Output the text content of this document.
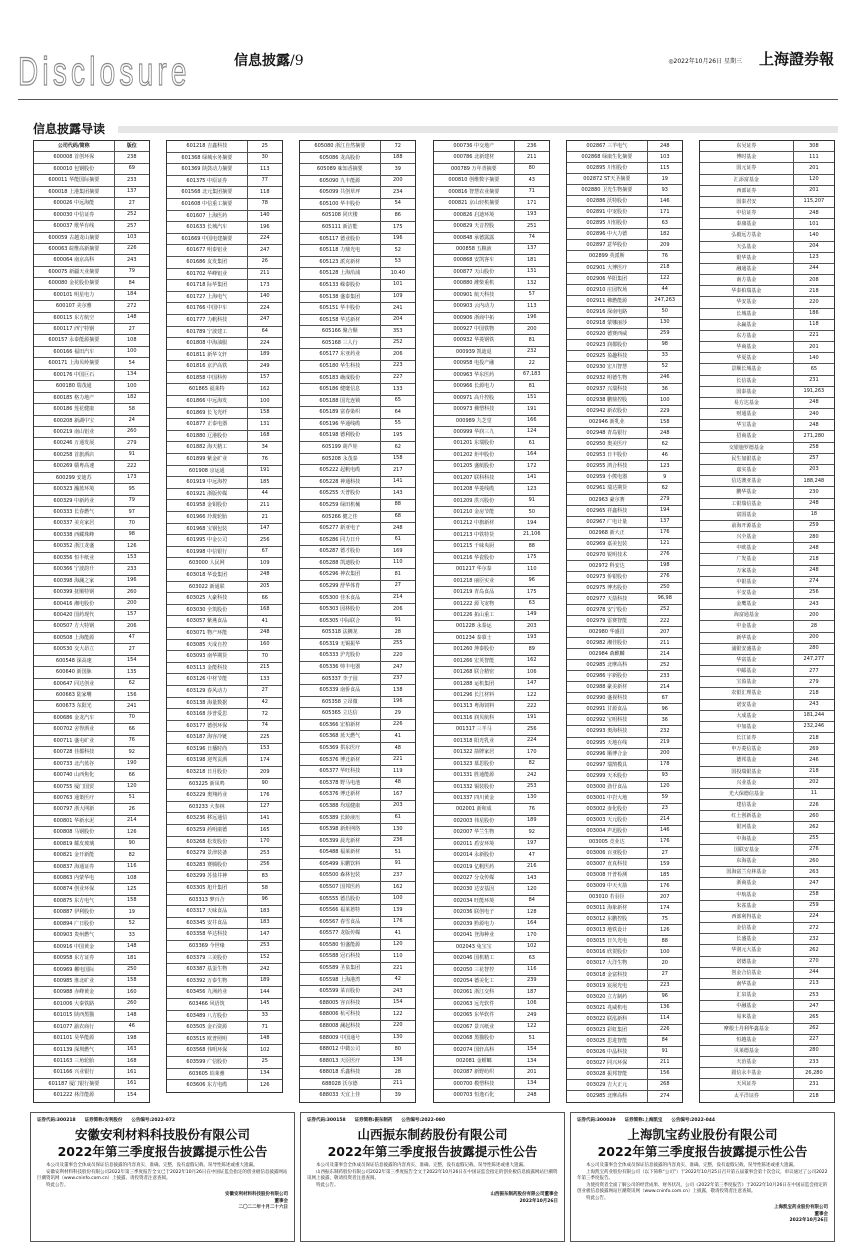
Disclosure	信息披露/9	◎2022年10月26日 星期三 上海證券報
信息披露导读
公司代码/简称	版位
600008 首创环保	238
600010 包钢股份	69
600011 华能国际摘要	233
600018 上港集团摘要	137
600026 中远海能	27
600030 中信证券	252
600037 歌华有线	257
600059 古越龙山摘要	103
600063 皖维高新摘要	226
600064 南京高科	243
600075 新疆天业摘要	79
600080 金花股份摘要	84
600101 明星电力	184
600107 美尔雅	272
600115 东方航空	148
600117 西宁特钢	27
600157 永泰能源摘要	108
600166 福田汽车	100
600171 上海贝岭摘要	54
600176 中国巨石	134
600180 瑞茂通	100
600185 格力地产	182
600186 莲花健康	58
600208 新湖中宝	24
600219 南山铝业	260
600246 万通发展	279
600258 首旅酒店	91
600269 赣粤高速	222
600299 安迪苏	173
600323 瀚蓝环境	95
600329 中新药业	79
600333 长春燃气	97
600337 美克家居	70
600338 西藏珠峰	98
600352 浙江龙盛	126
600356 恒丰纸业	153
600366 宁波韵升	233
600398 海澜之家	196
600399 抚顺特钢	260
600416 湘电股份	200
600420 国药现代	157
600507 方大特钢	206
600508 上海能源	47
600530 交大昂立	27
600548 深高速	154
600640 新国脉	135
600647 同达创业	62
600663 陆家嘴	156
600673 东阳光	241
600686 金龙汽车	70
600702 舍得酒业	66
600711 盛屯矿业	76
600728 佳都科技	92
600733 北汽蓝谷	190
600740 山西焦化	66
600755 厦门国贸	120
600763 通策医疗	51
600797 浙大网新	26
600801 华新水泥	214
600808 马钢股份	126
600819 耀皮玻璃	90
600821 金开新能	82
600837 海通证券	116
600863 内蒙华电	108
600874 创业环保	125
600875 东方电气	158
600887 伊利股份	19
600894 广日股份	52
600903 贵州燃气	33
600916 中国黄金	148
600958 东方证券	181
600969 郴电国际	250
600985 淮北矿业	158
600988 赤峰黄金	160
601006 大秦铁路	260
601015 陕西黑猫	148
601077 渝农商行	46
601101 昊华能源	198
601139 深圳燃气	163
601163 三角轮胎	168
601166 兴业银行	161
601187 厦门银行摘要	161
601222 林洋能源	154
601218 吉鑫科技	25
601368 绿城水务摘要	30
601369 陕鼓动力摘要	113
601375 中原证券	77
601568 北元集团摘要	118
601608 中信重工摘要	78
601607 上海医药	140
601633 长城汽车	196
601669 中国电建摘要	224
601677 明泰铝业	247
601686 友发集团	26
601702 华峰铝业	211
601718 际华集团	173
601727 上海电气	140
601766 中国中车	224
601777 力帆科技	247
601789 宁波建工	64
601808 中海油服	224
601811 新华文轩	189
601816 京沪高铁	249
601858 中国科传	157
601865 福莱特	162
601866 中远海发	100
601869 长飞光纤	158
601877 正泰电器	131
601880 辽港股份	168
601882 海天精工	34
601899 紫金矿业	76
601908 京运通	191
601919 中远海控	185
601921 浙版传媒	44
601958 金钼股份	211
601966 玲珑轮胎	21
601968 宝钢包装	147
601995 中金公司	256
601998 中信银行	67
603000 人民网	109
603018 华设集团	248
603022 新通联	205
603025 大豪科技	66
603030 全筑股份	168
603057 紫燕食品	41
603071 物产环能	248
603085 天成自控	160
603093 南华期货	70
603113 金能科技	215
603126 中材节能	133
603129 春风动力	27
603138 海量数据	42
603168 莎普爱思	72
603177 德创环保	74
603187 海容冷链	225
603196 日播时尚	153
603198 迎驾贡酒	174
603218 日月股份	209
603225 新凤鸣	90
603229 奥翔药业	176
603233 大参林	127
603236 移远通信	141
603259 药明康德	165
603268 松发股份	170
603279 景津装备	253
603283 赛腾股份	256
603299 苏盐井神	83
603305 旭升集团	58
603313 梦百合	96
603317 天味食品	183
603345 安井食品	183
603358 华达科技	147
603369 今世缘	253
603379 三美股份	152
603387 基蛋生物	242
603392 万泰生物	189
603456 九洲药业	144
603466 风语筑	145
603489 八方股份	33
603505 金石资源	71
603515 欧普照明	148
603568 伟明环保	102
603599 广信股份	25
603605 珀莱雅	134
603606 东方电缆	126
605080 浙江自然摘要	72
605086 龙高股份	188
605089 味知香摘要	39
605090 九丰能源	200
605099 共创草坪	234
605100 华丰股份	54
605108 同庆楼	86
605111 新洁能	175
605117 德业股份	196
605118 力鼎光电	52
605123 派克新材	53
605128 上海沿浦	10.40
605133 嵘泰股份	101
605138 盛泰集团	109
605151 华丰股份	241
605158 华达新材	204
605166 聚合顺	353
605168 三人行	252
605177 东亚药业	206
605180 华生科技	223
605183 确成股份	227
605186 健麾信息	133
605188 国光连锁	65
605189 富春染织	64
605196 华通线缆	55
605198 德利股份	195
605199 葫芦娃	62
605208 永茂泰	158
605222 起帆电缆	217
605228 神通科技	141
605255 天普股份	143
605259 绿田机械	88
605266 健之佳	68
605277 新亚电子	248
605286 同力日升	61
605287 德才股份	169
605288 凯迪股份	110
605296 神农集团	81
605299 舒华体育	27
605300 佳禾食品	214
605303 园林股份	206
605305 中际联合	91
605318 法狮龙	28
605319 无锡振华	255
605333 沪光股份	220
605336 帅丰电器	247
605337 李子园	237
605339 南侨食品	138
605358 立昂微	196
605365 立达信	29
605366 宏柏新材	226
605368 蓝天燃气	41
605369 拱东医疗	48
605376 博迁新材	221
605377 华旺科技	119
605378 野马电池	48
605376 博迁新材	167
605388 均瑶健康	203
605389 长龄液压	61
605398 新炬网络	130
605399 晨光新材	236
605488 福莱新材	51
605499 东鹏饮料	91
605500 森林包装	237
605507 国邦医药	162
605555 德昌股份	100
605566 福莱蒽特	139
605567 春雪食品	176
605577 龙版传媒	41
605580 恒盛能源	120
605588 冠石科技	110
605589 圣泉集团	221
605598 上海港湾	42
605599 菜百股份	243
688005 容百科技	154
688006 杭可科技	122
688008 澜起科技	220
688009 中国通号	130
688012 中微公司	80
688013 天臣医疗	136
688018 乐鑫科技	28
688028 沃尔德	211
688033 天宜上佳	39
000736 中交地产	236
000786 北新建材	211
000789 万年青摘要	80
000810 创维数字摘要	43
000816 智慧农业摘要	71
000821 京山轻机摘要	171
000826 启迪环境	193
000829 天音控股	251
000848 承德露露	74
000858 五粮液	137
000868 安凯客车	181
000877 天山股份	131
000880 潍柴重机	132
000901 航天科技	57
000903 云内动力	113
000906 浙商中拓	196
000927 中国铁物	200
000932 华菱钢铁	81
000939 凯迪退	232
000958 电投产融	22
000963 华东医药	67,183
000966 长源电力	81
000971 高升控股	151
000973 佛塑科技	191
000989 九芝堂	166
000999 华润三九	124
001201 东瑞股份	61
001202 炬申股份	164
001205 盛航股份	172
001207 联科科技	141
001208 华菱线缆	123
001209 洪兴股份	91
001210 金房节能	50
001212 中旗新材	194
001213 中铁特货	21,106
001215 千味央厨	88
001216 华瓷股份	175
001217 华尔泰	110
001218 丽臣实业	96
001219 青岛食品	175
001222 源飞宠物	63
001226 拓山重工	149
001228 永泰运	203
001234 泰慕士	193
001260 坤泰股份	89
001266 宏英智能	162
001268 联合精密	106
001288 运机集团	147
001296 长江材料	122
001313 粤海饲料	222
001316 润贝航科	191
001317 三羊马	256
001318 阳光乳业	224
001322 箭牌家居	170
001323 慕思股份	82
001331 胜通能源	242
001332 锡装股份	253
001337 四川黄金	130
002001 新和成	76
002003 伟星股份	189
002007 华兰生物	92
002011 盾安环境	197
002014 永新股份	47
002019 亿帆医药	216
002027 分众传媒	143
002030 达安基因	120
002034 旺能环境	84
002036 联创电子	128
002039 黔源电力	164
002041 登海种业	170
002043 兔宝宝	102
002046 国机精工	63
002050 三花智控	116
002054 德美化工	239
002061 浙江交科	187
002063 远光软件	106
002065 东华软件	249
002067 景兴纸业	122
002068 黑猫股份	51
002074 国轩高科	154
002081 金螳螂	134
002087 新野纺织	201
000700 模塑科技	134
000703 恒逸石化	248
002867 三羊电气	248
002868 绿康生化摘要	103
002895 川恒股份	115
002872 ST天圣摘要	19
002880 卫光生物摘要	93
002886 沃特股份	146
002891 中宠股份	171
002895 川恒股份	63
002896 中大力德	182
002897 意华股份	209
002899 英派斯	76
002901 大博医疗	218
002906 华阳集团	122
002910 庄园牧场	44
002911 佛燃能源	247,263
002916 深南电路	50
002918 蒙娜丽莎	130
002920 德赛西威	259
002923 润都股份	98
002925 盈趣科技	33
002930 宏川智慧	52
002932 明德生物	246
002937 兴瑞科技	36
002938 鹏鼎控股	100
002942 新农股份	229
002946 新乳业	158
002948 青岛银行	248
002950 奥美医疗	62
002953 日丰股份	46
002955 鸿合科技	123
002959 小熊电器	9
002961 瑞达期货	62
002963 豪尔赛	279
002965 祥鑫科技	194
002967 广电计量	137
002968 新大正	176
002969 嘉美包装	121
002970 锐明技术	276
002972 科安达	198
002973 侨银股份	276
002975 博杰股份	250
002977 天箭科技	96,98
002978 安宁股份	252
002979 雷赛智能	222
002980 华盛昌	207
002982 湘佳股份	211
002984 森麒麟	214
002985 北摩高科	252
002986 宇新股份	233
002988 豪美新材	214
002990 盛视科技	67
002991 甘源食品	96
002992 宝明科技	36
002993 奥海科技	232
002995 天地在线	219
002996 顺博合金	200
002997 瑞鹄模具	178
002999 天禾股份	93
003000 劲仔食品	120
003001 中岩大地	59
003002 壶化股份	23
003003 天元股份	214
003004 声迅股份	146
003005 竞业达	176
003006 百亚股份	27
003007 直真科技	159
003008 开普检测	185
003009 中天火箭	176
003010 若羽臣	207
003011 海象新材	174
003012 东鹏控股	75
003013 地铁设计	126
003015 日久光电	88
003016 欣贺股份	100
003017 大洋生物	20
003018 金富科技	27
003019 宸展光电	223
003020 立方制药	96
003021 兆威机电	136
003022 联泓新科	114
003023 彩虹集团	226
003025 思进智能	84
003026 中晶科技	91
003027 同兴环保	211
003028 振邦智能	156
003029 吉大正元	268
002985 北摩高科	274
东吴证券	308
博时基金	111
国元证券	201
汇添富基金	120
西部证券	201
国泰君安	115,207
中信证券	248
泰康基金	101
弘毅远方基金	140
天弘基金	204
银华基金	123
融通基金	244
南方基金	208
华泰柏瑞基金	218
华安基金	220
长城基金	186
永赢基金	118
东方基金	221
华商基金	201
华夏基金	140
景顺长城基金	65
长信基金	231
国泰基金	191,263
易方达基金	248
财通基金	240
华宝基金	248
招商基金	271,280
交银施罗德基金	258
民生加银基金	257
嘉实基金	203
信达澳亚基金	188,248
鹏华基金	230
工银瑞信基金	248
富国基金	18
前海开源基金	259
兴全基金	280
中欧基金	248
广发基金	218
万家基金	248
中银基金	274
平安基金	256
金鹰基金	243
海富通基金	200
中金基金	28
新华基金	200
浦银安盛基金	280
华富基金	247,277
中邮基金	277
宝盈基金	279
农银汇理基金	218
诺安基金	243
大成基金	181,244
中加基金	232,246
长江证券	218
申万菱信基金	269
德邦基金	246
国投瑞银基金	218
兴业基金	202
光大保德信基金	11
建信基金	226
红土创新基金	260
银河基金	262
中海基金	255
国联安基金	276
东海基金	260
国海富兰克林基金	263
浙商基金	247
中航基金	258
朱雀基金	259
西部利得基金	224
金信基金	272
长盛基金	232
华润元大基金	262
诺德基金	270
创金合信基金	244
南华基金	213
汇泉基金	253
中融基金	247
易米基金	265
摩根士丹利华鑫基金	262
恒越基金	227
贝莱德基金	280
天治基金	233
圆信永丰基金	26,280
天风证券	231
太平洋证券	218
证券代码:300218　　证券简称:安利股份　　公告编号:2022-072
安徽安利材料科技股份有限公司
2022年第三季度报告披露提示性公告
本公司及董事会全体成员保证信息披露的内容真实、准确、完整，没有虚假记载、误导性陈述或重大遗漏。
安徽安利材料科技股份有限公司2022年第三季度报告全文已于2022年10月26日在中国证监会指定的创业板信息披露网站巨潮资讯网（www.cninfo.com.cn）上披露，请投资者注意查阅。
特此公告。
安徽安利材料科技股份有限公司
董事会
二〇二二年十月二十六日
证券代码:300158　　证券简称:振东制药　　公告编号:2022-080
山西振东制药股份有限公司
2022年第三季度报告披露提示性公告
本公司及董事会全体成员保证信息披露的内容真实、准确、完整，没有虚假记载、误导性陈述或重大遗漏。
山西振东制药股份有限公司2022年第三季度报告全文于2022年10月26日在中国证监会指定的创业板信息披露网站巨潮资讯网上披露，敬请投资者注意查阅。
特此公告。
山西振东制药股份有限公司董事会
2022年10月26日
证券代码:300039　　证券简称:上海凯宝　　公告编号:2022-044
上海凯宝药业股份有限公司
2022年第三季度报告披露提示性公告
本公司及董事会全体成员保证信息披露的内容真实、准确、完整，没有虚假记载、误导性陈述或重大遗漏。
上海凯宝药业股份有限公司（以下简称“公司”）于2022年10月25日召开第五届董事会第十次会议，审议通过了公司2022年第三季度报告。
为使投资者全面了解公司的经营成果、财务状况，公司《2022年第三季度报告》于2022年10月26日在中国证监会指定的创业板信息披露网站巨潮资讯网（www.cninfo.com.cn）上披露，敬请投资者注意查阅。
特此公告。
上海凯宝药业股份有限公司
董事会
2022年10月26日
